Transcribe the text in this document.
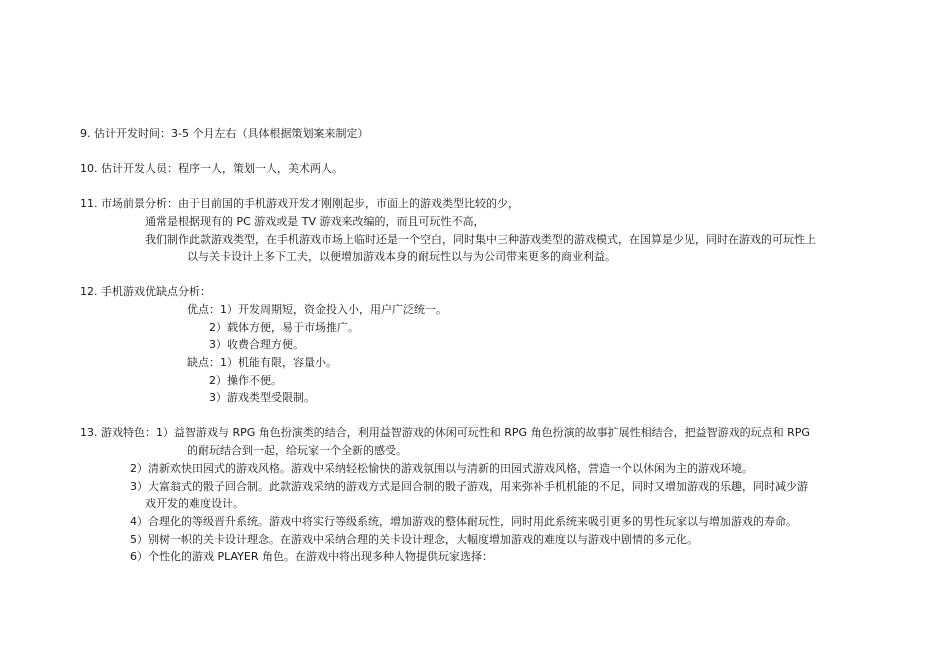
9. 估计开发时间：3-5 个月左右（具体根据策划案来制定）
10. 估计开发人员：程序一人，策划一人，美术两人。
11. 市场前景分析：由于目前国的手机游戏开发才刚刚起步，市面上的游戏类型比较的少，
通常是根据现有的 PC 游戏或是 TV 游戏来改编的，而且可玩性不高，
我们制作此款游戏类型，在手机游戏市场上临时还是一个空白，同时集中三种游戏类型的游戏模式，在国算是少见，同时在游戏的可玩性上
以与关卡设计上多下工夫，以便增加游戏本身的耐玩性以与为公司带来更多的商业利益。
12. 手机游戏优缺点分析：
优点：1）开发周期短，资金投入小，用户广泛统一。
2）载体方便，易于市场推广。
3）收费合理方便。
缺点：1）机能有限，容量小。
2）操作不便。
3）游戏类型受限制。
13. 游戏特色：1）益智游戏与 RPG 角色扮演类的结合，利用益智游戏的休闲可玩性和 RPG 角色扮演的故事扩展性相结合，把益智游戏的玩点和 RPG
的耐玩结合到一起，给玩家一个全新的感受。
2）清新欢快田园式的游戏风格。游戏中采纳轻松愉快的游戏氛围以与清新的田园式游戏风格，营造一个以休闲为主的游戏环境。
3）大富翁式的骰子回合制。此款游戏采纳的游戏方式是回合制的骰子游戏，用来弥补手机机能的不足，同时又增加游戏的乐趣，同时减少游
戏开发的难度设计。
4）合理化的等级晋升系统。游戏中将实行等级系统，增加游戏的整体耐玩性，同时用此系统来吸引更多的男性玩家以与增加游戏的寿命。
5）别树一帜的关卡设计理念。在游戏中采纳合理的关卡设计理念，大幅度增加游戏的难度以与游戏中剧情的多元化。
6）个性化的游戏 PLAYER 角色。在游戏中将出现多种人物提供玩家选择：
